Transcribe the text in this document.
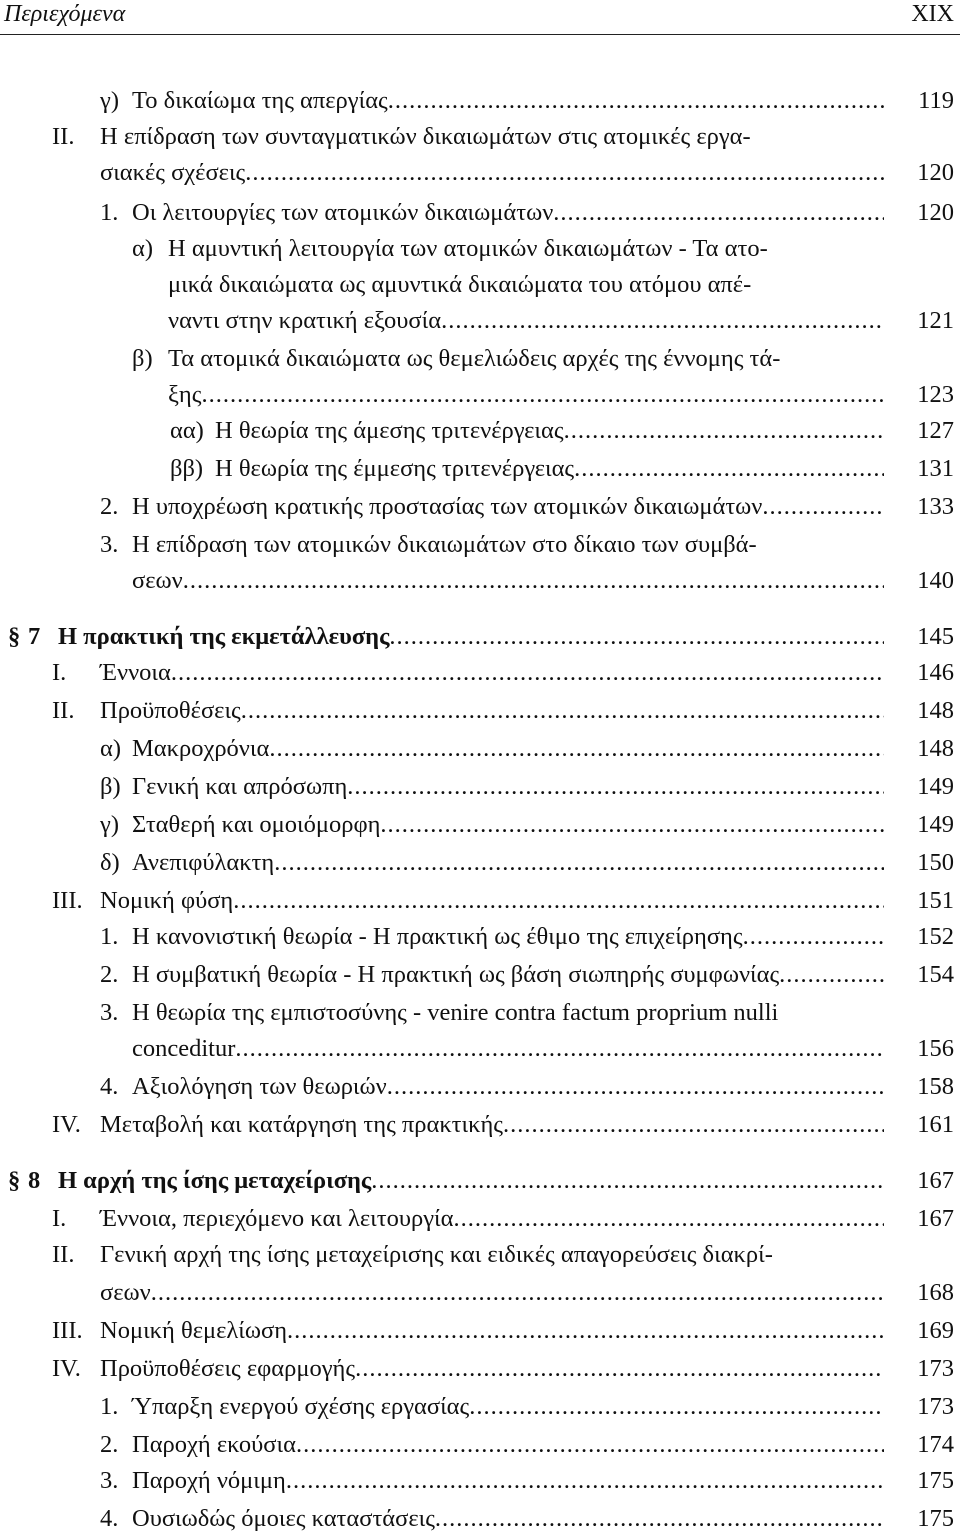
Περιεχόμενα	XIX
γ) Το δικαίωμα της απεργίας .....	119
II. Η επίδραση των συνταγματικών δικαιωμάτων στις ατομικές εργα-
σιακές σχέσεις .....	120
1. Οι λειτουργίες των ατομικών δικαιωμάτων .....	120
α) Η αμυντική λειτουργία των ατομικών δικαιωμάτων - Τα ατο-
μικά δικαιώματα ως αμυντικά δικαιώματα του ατόμου απέ-
ναντι στην κρατική εξουσία .....	121
β) Τα ατομικά δικαιώματα ως θεμελιώδεις αρχές της έννομης τά-
ξης .....	123
αα) Η θεωρία της άμεσης τριτενέργειας .....	127
ββ) Η θεωρία της έμμεσης τριτενέργειας .....	131
2. Η υποχρέωση κρατικής προστασίας των ατομικών δικαιωμάτων .....	133
3. Η επίδραση των ατομικών δικαιωμάτων στο δίκαιο των συμβά-
σεων .....	140
§ 7 Η πρακτική της εκμετάλλευσης .....	145
I. Έννοια .....	146
II. Προϋποθέσεις .....	148
α) Μακροχρόνια .....	148
β) Γενική και απρόσωπη .....	149
γ) Σταθερή και ομοιόμορφη .....	149
δ) Ανεπιφύλακτη .....	150
III. Νομική φύση .....	151
1. Η κανονιστική θεωρία - Η πρακτική ως έθιμο της επιχείρησης .....	152
2. Η συμβατική θεωρία - Η πρακτική ως βάση σιωπηρής συμφωνίας .....	154
3. Η θεωρία της εμπιστοσύνης - venire contra factum proprium nulli
conceditur .....	156
4. Αξιολόγηση των θεωριών .....	158
IV. Μεταβολή και κατάργηση της πρακτικής .....	161
§ 8 Η αρχή της ίσης μεταχείρισης .....	167
I. Έννοια, περιεχόμενο και λειτουργία .....	167
II. Γενική αρχή της ίσης μεταχείρισης και ειδικές απαγορεύσεις διακρί-
σεων .....	168
III. Νομική θεμελίωση .....	169
IV. Προϋποθέσεις εφαρμογής .....	173
1. Ύπαρξη ενεργού σχέσης εργασίας .....	173
2. Παροχή εκούσια .....	174
3. Παροχή νόμιμη .....	175
4. Ουσιωδώς όμοιες καταστάσεις .....	175
